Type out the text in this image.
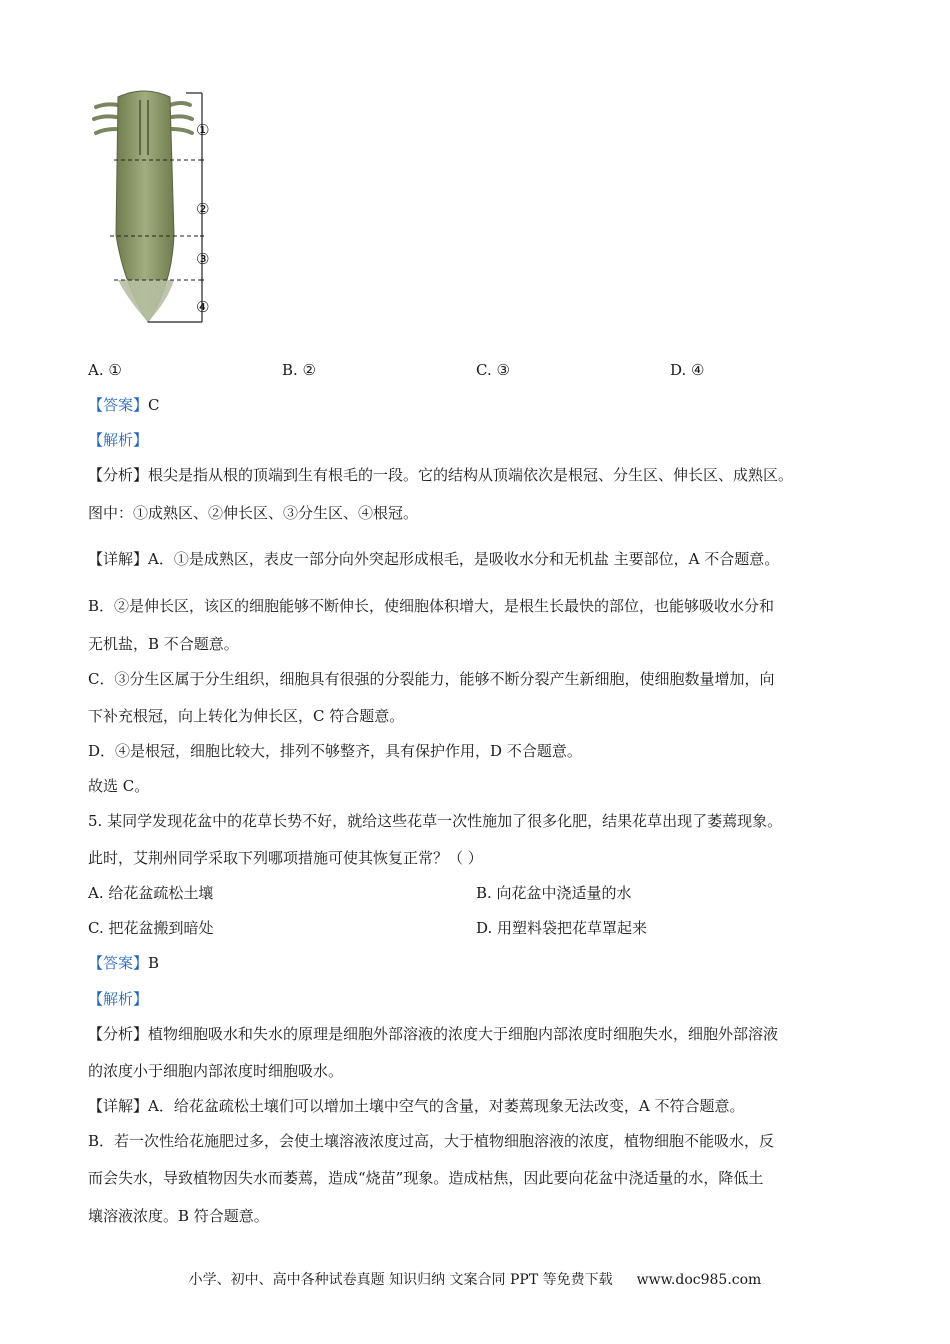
①
②
③
④
A. ①	B. ②	C. ③	D. ④
【答案】C
【解析】
【分析】根尖是指从根的顶端到生有根毛的一段。它的结构从顶端依次是根冠、分生区、伸长区、成熟区。
图中：①成熟区、②伸长区、③分生区、④根冠。
【详解】A．①是成熟区，表皮一部分向外突起形成根毛，是吸收水分和无机盐 主要部位，A 不合题意。
B．②是伸长区，该区的细胞能够不断伸长，使细胞体积增大，是根生长最快的部位，也能够吸收水分和
无机盐，B 不合题意。
C．③分生区属于分生组织，细胞具有很强的分裂能力，能够不断分裂产生新细胞，使细胞数量增加，向
下补充根冠，向上转化为伸长区，C 符合题意。
D．④是根冠，细胞比较大，排列不够整齐，具有保护作用，D 不合题意。
故选 C。
5. 某同学发现花盆中的花草长势不好，就给这些花草一次性施加了很多化肥，结果花草出现了萎蔫现象。
此时，艾荆州同学采取下列哪项措施可使其恢复正常？（ ）
A. 给花盆疏松土壤	B. 向花盆中浇适量的水
C. 把花盆搬到暗处	D. 用塑料袋把花草罩起来
【答案】B
【解析】
【分析】植物细胞吸水和失水的原理是细胞外部溶液的浓度大于细胞内部浓度时细胞失水，细胞外部溶液
的浓度小于细胞内部浓度时细胞吸水。
【详解】A．给花盆疏松土壤们可以增加土壤中空气的含量，对萎蔫现象无法改变，A 不符合题意。
B．若一次性给花施肥过多，会使土壤溶液浓度过高，大于植物细胞溶液的浓度，植物细胞不能吸水，反
而会失水，导致植物因失水而萎蔫，造成“烧苗”现象。造成枯焦，因此要向花盆中浇适量的水，降低土
壤溶液浓度。B 符合题意。
小学、初中、高中各种试卷真题 知识归纳 文案合同 PPT 等免费下载 www.doc985.com
